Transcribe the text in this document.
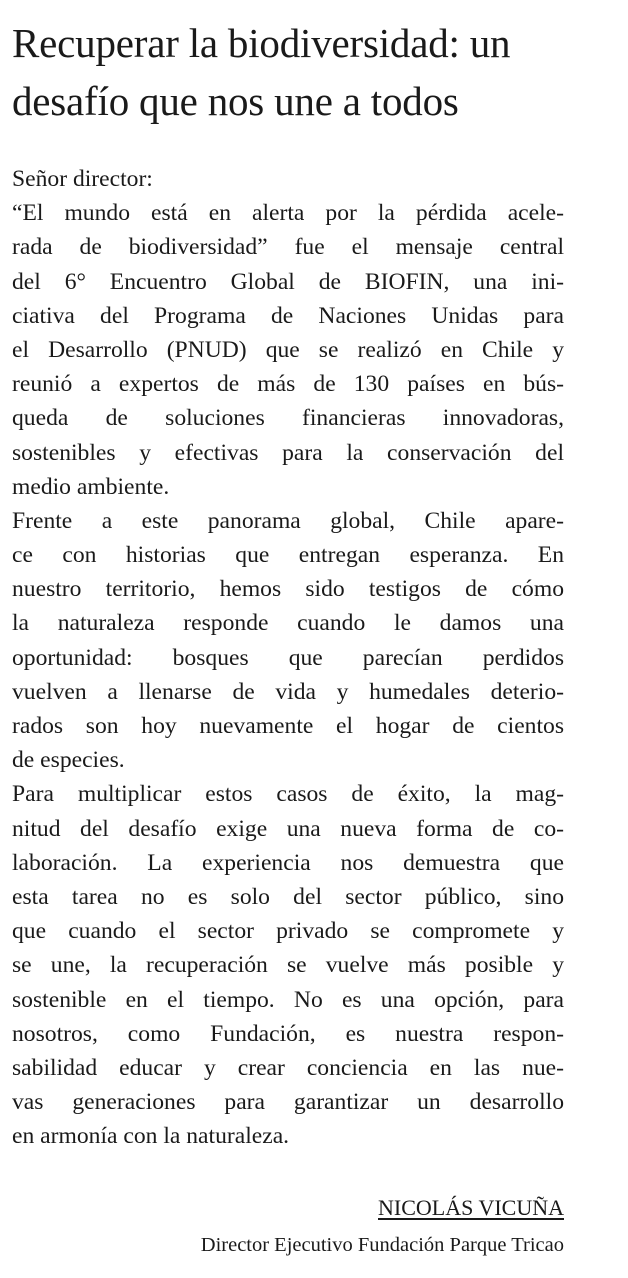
Recuperar la biodiversidad: un
desafío que nos une a todos
Señor director:
“El mundo está en alerta por la pérdida acele-
rada de biodiversidad” fue el mensaje central
del 6° Encuentro Global de BIOFIN, una ini-
ciativa del Programa de Naciones Unidas para
el Desarrollo (PNUD) que se realizó en Chile y
reunió a expertos de más de 130 países en bús-
queda de soluciones financieras innovadoras,
sostenibles y efectivas para la conservación del
medio ambiente.
Frente a este panorama global, Chile apare-
ce con historias que entregan esperanza. En
nuestro territorio, hemos sido testigos de cómo
la naturaleza responde cuando le damos una
oportunidad: bosques que parecían perdidos
vuelven a llenarse de vida y humedales deterio-
rados son hoy nuevamente el hogar de cientos
de especies.
Para multiplicar estos casos de éxito, la mag-
nitud del desafío exige una nueva forma de co-
laboración. La experiencia nos demuestra que
esta tarea no es solo del sector público, sino
que cuando el sector privado se compromete y
se une, la recuperación se vuelve más posible y
sostenible en el tiempo. No es una opción, para
nosotros, como Fundación, es nuestra respon-
sabilidad educar y crear conciencia en las nue-
vas generaciones para garantizar un desarrollo
en armonía con la naturaleza.
NICOLÁS VICUÑA
Director Ejecutivo Fundación Parque Tricao
